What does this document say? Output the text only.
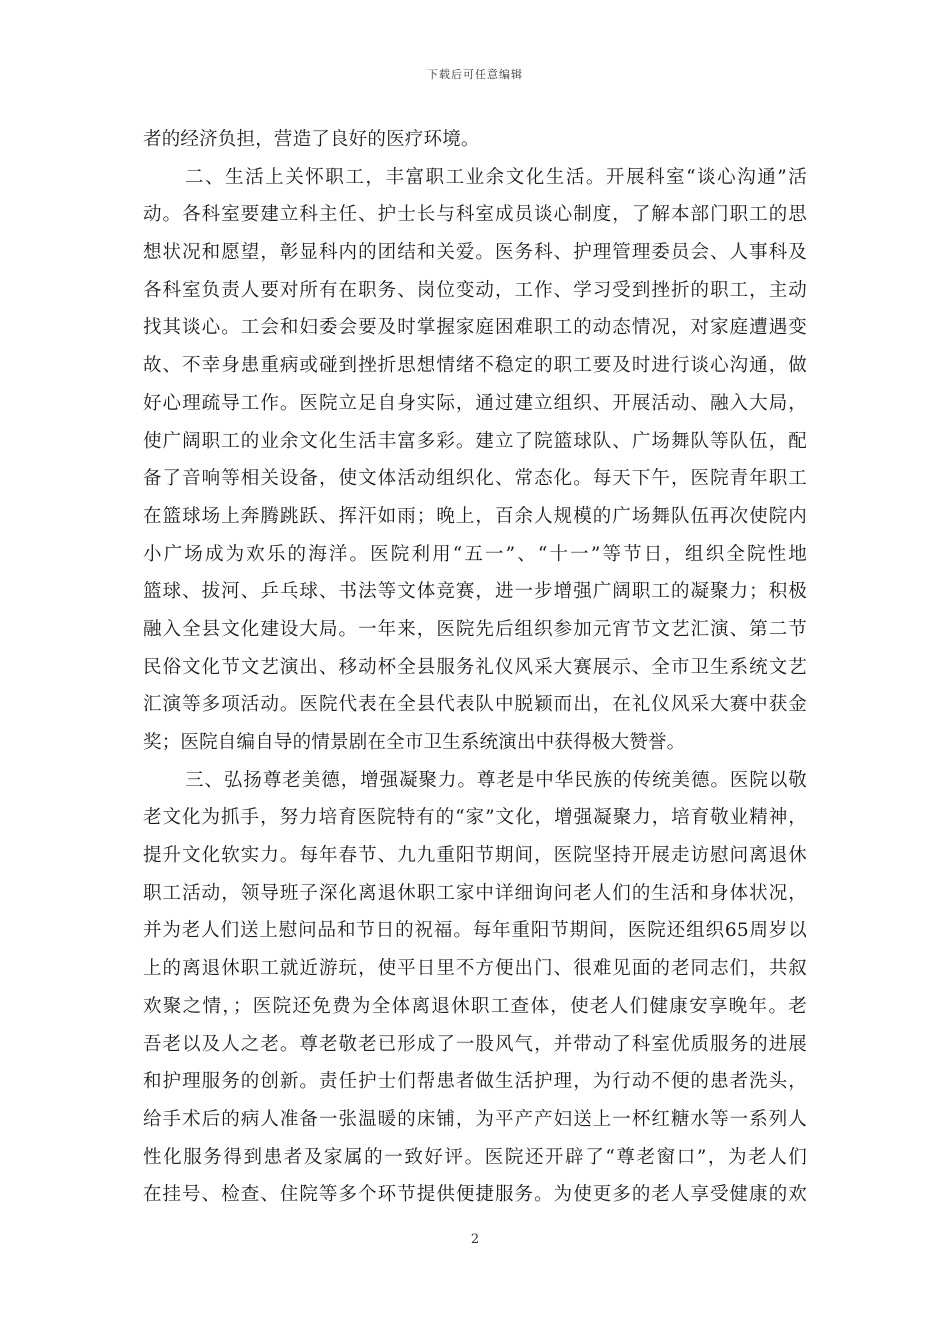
下载后可任意编辑
者的经济负担，营造了良好的医疗环境。
二、生活上关怀职工，丰富职工业余文化生活。开展科室“谈心沟通”活
动。各科室要建立科主任、护士长与科室成员谈心制度，了解本部门职工的思
想状况和愿望，彰显科内的团结和关爱。医务科、护理管理委员会、人事科及
各科室负责人要对所有在职务、岗位变动，工作、学习受到挫折的职工，主动
找其谈心。工会和妇委会要及时掌握家庭困难职工的动态情况，对家庭遭遇变
故、不幸身患重病或碰到挫折思想情绪不稳定的职工要及时进行谈心沟通，做
好心理疏导工作。医院立足自身实际，通过建立组织、开展活动、融入大局，
使广阔职工的业余文化生活丰富多彩。建立了院篮球队、广场舞队等队伍，配
备了音响等相关设备，使文体活动组织化、常态化。每天下午，医院青年职工
在篮球场上奔腾跳跃、挥汗如雨；晚上，百余人规模的广场舞队伍再次使院内
小广场成为欢乐的海洋。医院利用“五一”、“十一”等节日，组织全院性地
篮球、拔河、乒乓球、书法等文体竞赛，进一步增强广阔职工的凝聚力；积极
融入全县文化建设大局。一年来，医院先后组织参加元宵节文艺汇演、第二节
民俗文化节文艺演出、移动杯全县服务礼仪风采大赛展示、全市卫生系统文艺
汇演等多项活动。医院代表在全县代表队中脱颖而出，在礼仪风采大赛中获金
奖；医院自编自导的情景剧在全市卫生系统演出中获得极大赞誉。
三、弘扬尊老美德，增强凝聚力。尊老是中华民族的传统美德。医院以敬
老文化为抓手，努力培育医院特有的“家”文化，增强凝聚力，培育敬业精神，
提升文化软实力。每年春节、九九重阳节期间，医院坚持开展走访慰问离退休
职工活动，领导班子深化离退休职工家中详细询问老人们的生活和身体状况，
并为老人们送上慰问品和节日的祝福。每年重阳节期间，医院还组织65周岁以
上的离退休职工就近游玩，使平日里不方便出门、很难见面的老同志们，共叙
欢聚之情，；医院还免费为全体离退休职工查体，使老人们健康安享晚年。老
吾老以及人之老。尊老敬老已形成了一股风气，并带动了科室优质服务的进展
和护理服务的创新。责任护士们帮患者做生活护理，为行动不便的患者洗头，
给手术后的病人准备一张温暖的床铺，为平产产妇送上一杯红糖水等一系列人
性化服务得到患者及家属的一致好评。医院还开辟了“尊老窗口”，为老人们
在挂号、检查、住院等多个环节提供便捷服务。为使更多的老人享受健康的欢
2
